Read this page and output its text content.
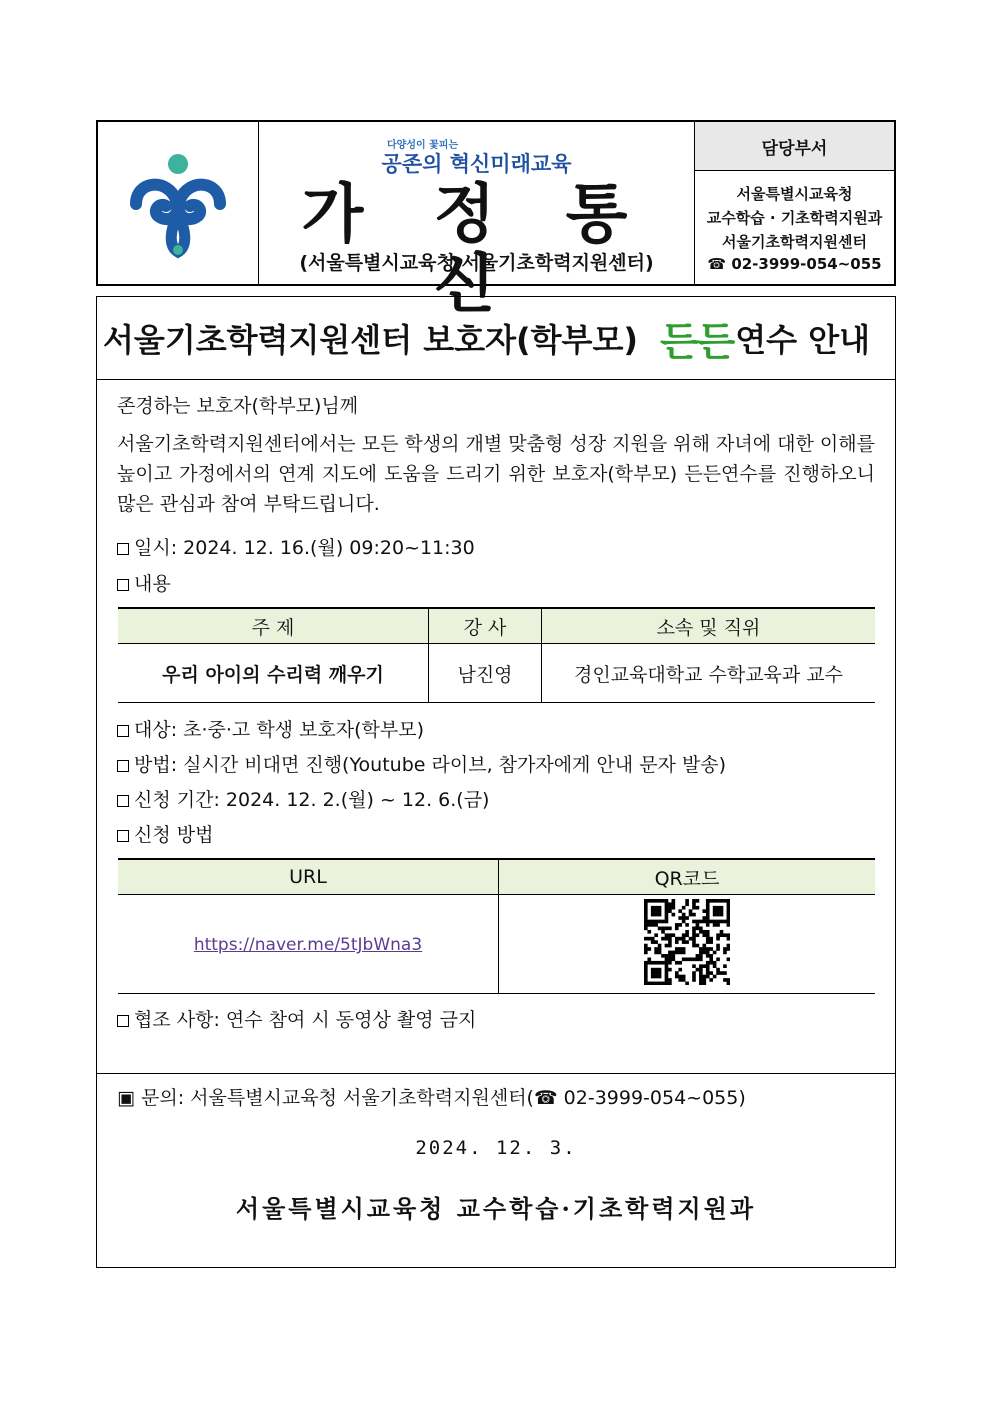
다양성이 꽃피는
공존의 혁신미래교육
가 정 통 신
(서울특별시교육청 서울기초학력지원센터)
담당부서
서울특별시교육청
교수학습 · 기초학력지원과
서울기초학력지원센터
☎ 02-3999-054~055
서울기초학력지원센터 보호자(학부모) 든든 연수 안내
존경하는 보호자(학부모)님께
서울기초학력지원센터에서는 모든 학생의 개별 맞춤형 성장 지원을 위해 자녀에 대한 이해를 높이고 가정에서의 연계 지도에 도움을 드리기 위한 보호자(학부모) 든든연수를 진행하오니 많은 관심과 참여 부탁드립니다.
일시: 2024. 12. 16.(월) 09:20~11:30
내용
주 제	강 사	소속 및 직위
우리 아이의 수리력 깨우기	남진영	경인교육대학교 수학교육과 교수
대상: 초·중·고 학생 보호자(학부모)
방법: 실시간 비대면 진행(Youtube 라이브, 참가자에게 안내 문자 발송)
신청 기간: 2024. 12. 2.(월) ~ 12. 6.(금)
신청 방법
URL	QR코드
https://naver.me/5tJbWna3	
협조 사항: 연수 참여 시 동영상 촬영 금지
▣ 문의: 서울특별시교육청 서울기초학력지원센터(☎ 02-3999-054~055)
2024. 12. 3.
서울특별시교육청 교수학습·기초학력지원과
